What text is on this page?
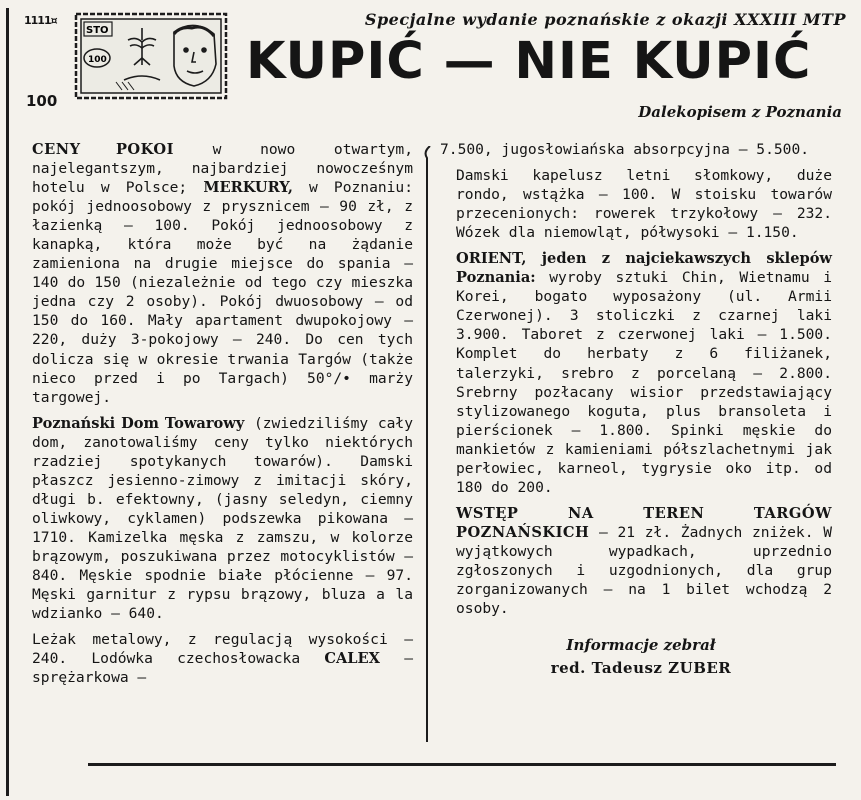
1111¤
STO
100
100
Specjalne wydanie poznańskie z okazji XXXIII MTP
KUPIĆ — NIE KUPIĆ
Dalekopisem z Poznania

CENY POKOI w nowo otwartym, najelegantszym, najbardziej nowocześnym hotelu w Polsce; MERKURY, w Poznaniu: pokój jednoosobowy z prysznicem — 90 zł, z łazienką — 100. Pokój jednoosobowy z kanapką, która może być na żądanie zamieniona na drugie miejsce do spania — 140 do 150 (niezależnie od tego czy mieszka jedna czy 2 osoby). Pokój dwuosobowy — od 150 do 160. Mały apartament dwupokojowy — 220, duży 3-pokojowy — 240. Do cen tych dolicza się w okresie trwania Targów (także nieco przed i po Targach) 50°/• marży targowej.

Poznański Dom Towarowy (zwiedziliśmy cały dom, zanotowaliśmy ceny tylko niektórych rzadziej spotykanych towarów). Damski płaszcz jesienno-zimowy z imitacji skóry, długi b. efektowny, (jasny seledyn, ciemny oliwkowy, cyklamen) podszewka pikowana — 1710. Kamizelka męska z zamszu, w kolorze brązowym, poszukiwana przez motocyklistów — 840. Męskie spodnie białe płócienne — 97. Męski garnitur z rypsu brązowy, bluza a la wdzianko — 640.

Leżak metalowy, z regulacją wysokości — 240. Lodówka czechosłowacka CALEX — sprężarkowa —

7.500, jugosłowiańska absorpcyjna — 5.500.

Damski kapelusz letni słomkowy, duże rondo, wstążka — 100. W stoisku towarów przecenionych: rowerek trzykołowy — 232. Wózek dla niemowląt, półwysoki — 1.150.

ORIENT, jeden z najciekawszych sklepów Poznania: wyroby sztuki Chin, Wietnamu i Korei, bogato wyposażony (ul. Armii Czerwonej). 3 stoliczki z czarnej laki 3.900. Taboret z czerwonej laki — 1.500. Komplet do herbaty z 6 filiżanek, talerzyki, srebro z porcelaną — 2.800. Srebrny pozłacany wisior przedstawiający stylizowanego koguta, plus bransoleta i pierścionek — 1.800. Spinki męskie do mankietów z kamieniami półszlachetnymi jak perłowiec, karneol, tygrysie oko itp. od 180 do 200.

WSTĘP NA TEREN TARGÓW POZNAŃSKICH — 21 zł. Żadnych zniżek. W wyjątkowych wypadkach, uprzednio zgłoszonych i uzgodnionych, dla grup zorganizowanych — na 1 bilet wchodzą 2 osoby.

Informacje zebrał
red. Tadeusz ZUBER
